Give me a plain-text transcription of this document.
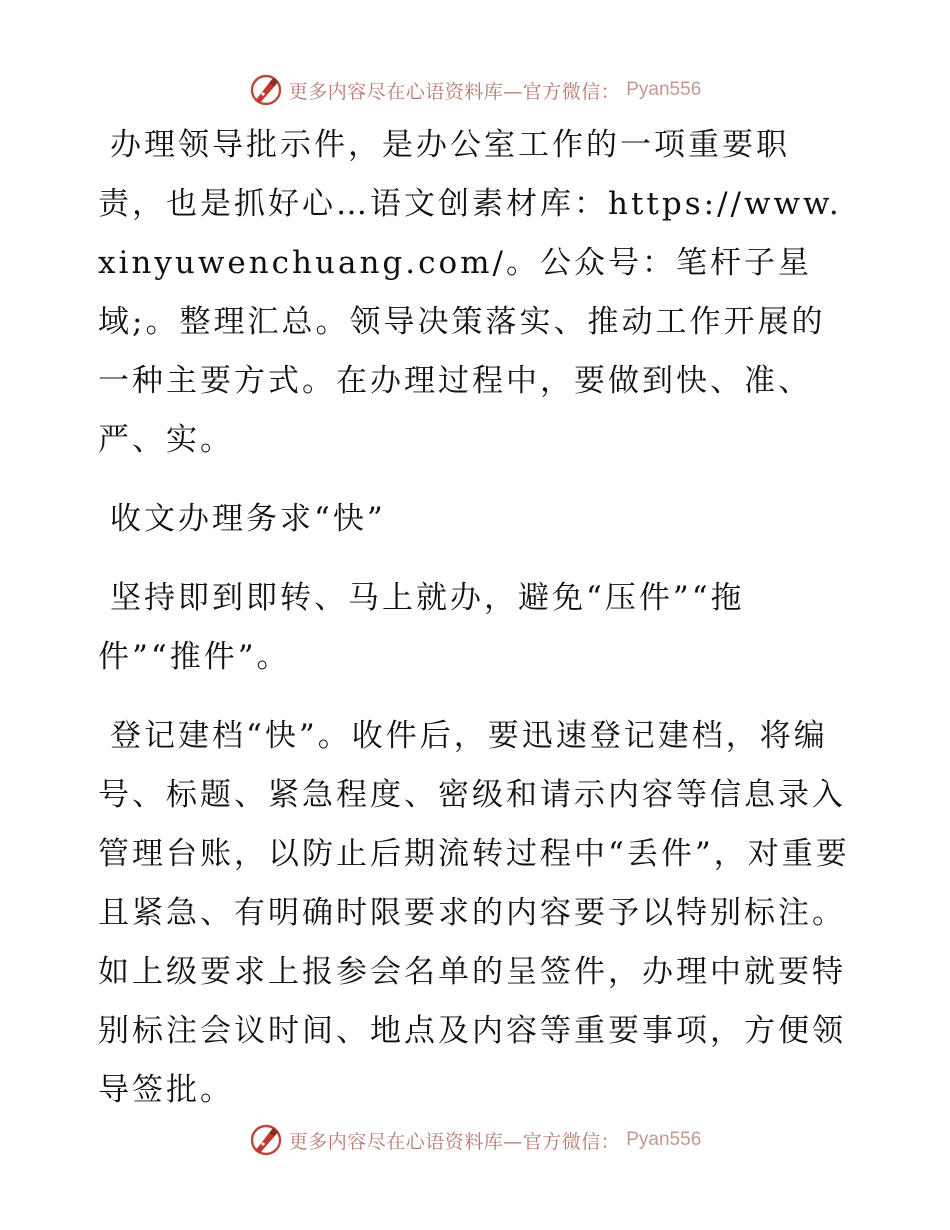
更多内容尽在心语资料库—官方微信： Pyan556

办理领导批示件，是办公室工作的一项重要职责，也是抓好心…语文创素材库：https://www.xinyuwenchuang.com/。公众号：笔杆子星域;。整理汇总。领导决策落实、推动工作开展的一种主要方式。在办理过程中，要做到快、准、严、实。

收文办理务求“快”

坚持即到即转、马上就办，避免“压件”“拖件”“推件”。

登记建档“快”。收件后，要迅速登记建档，将编号、标题、紧急程度、密级和请示内容等信息录入管理台账，以防止后期流转过程中“丢件”，对重要且紧急、有明确时限要求的内容要予以特别标注。如上级要求上报参会名单的呈签件，办理中就要特别标注会议时间、地点及内容等重要事项，方便领导签批。

更多内容尽在心语资料库—官方微信： Pyan556
